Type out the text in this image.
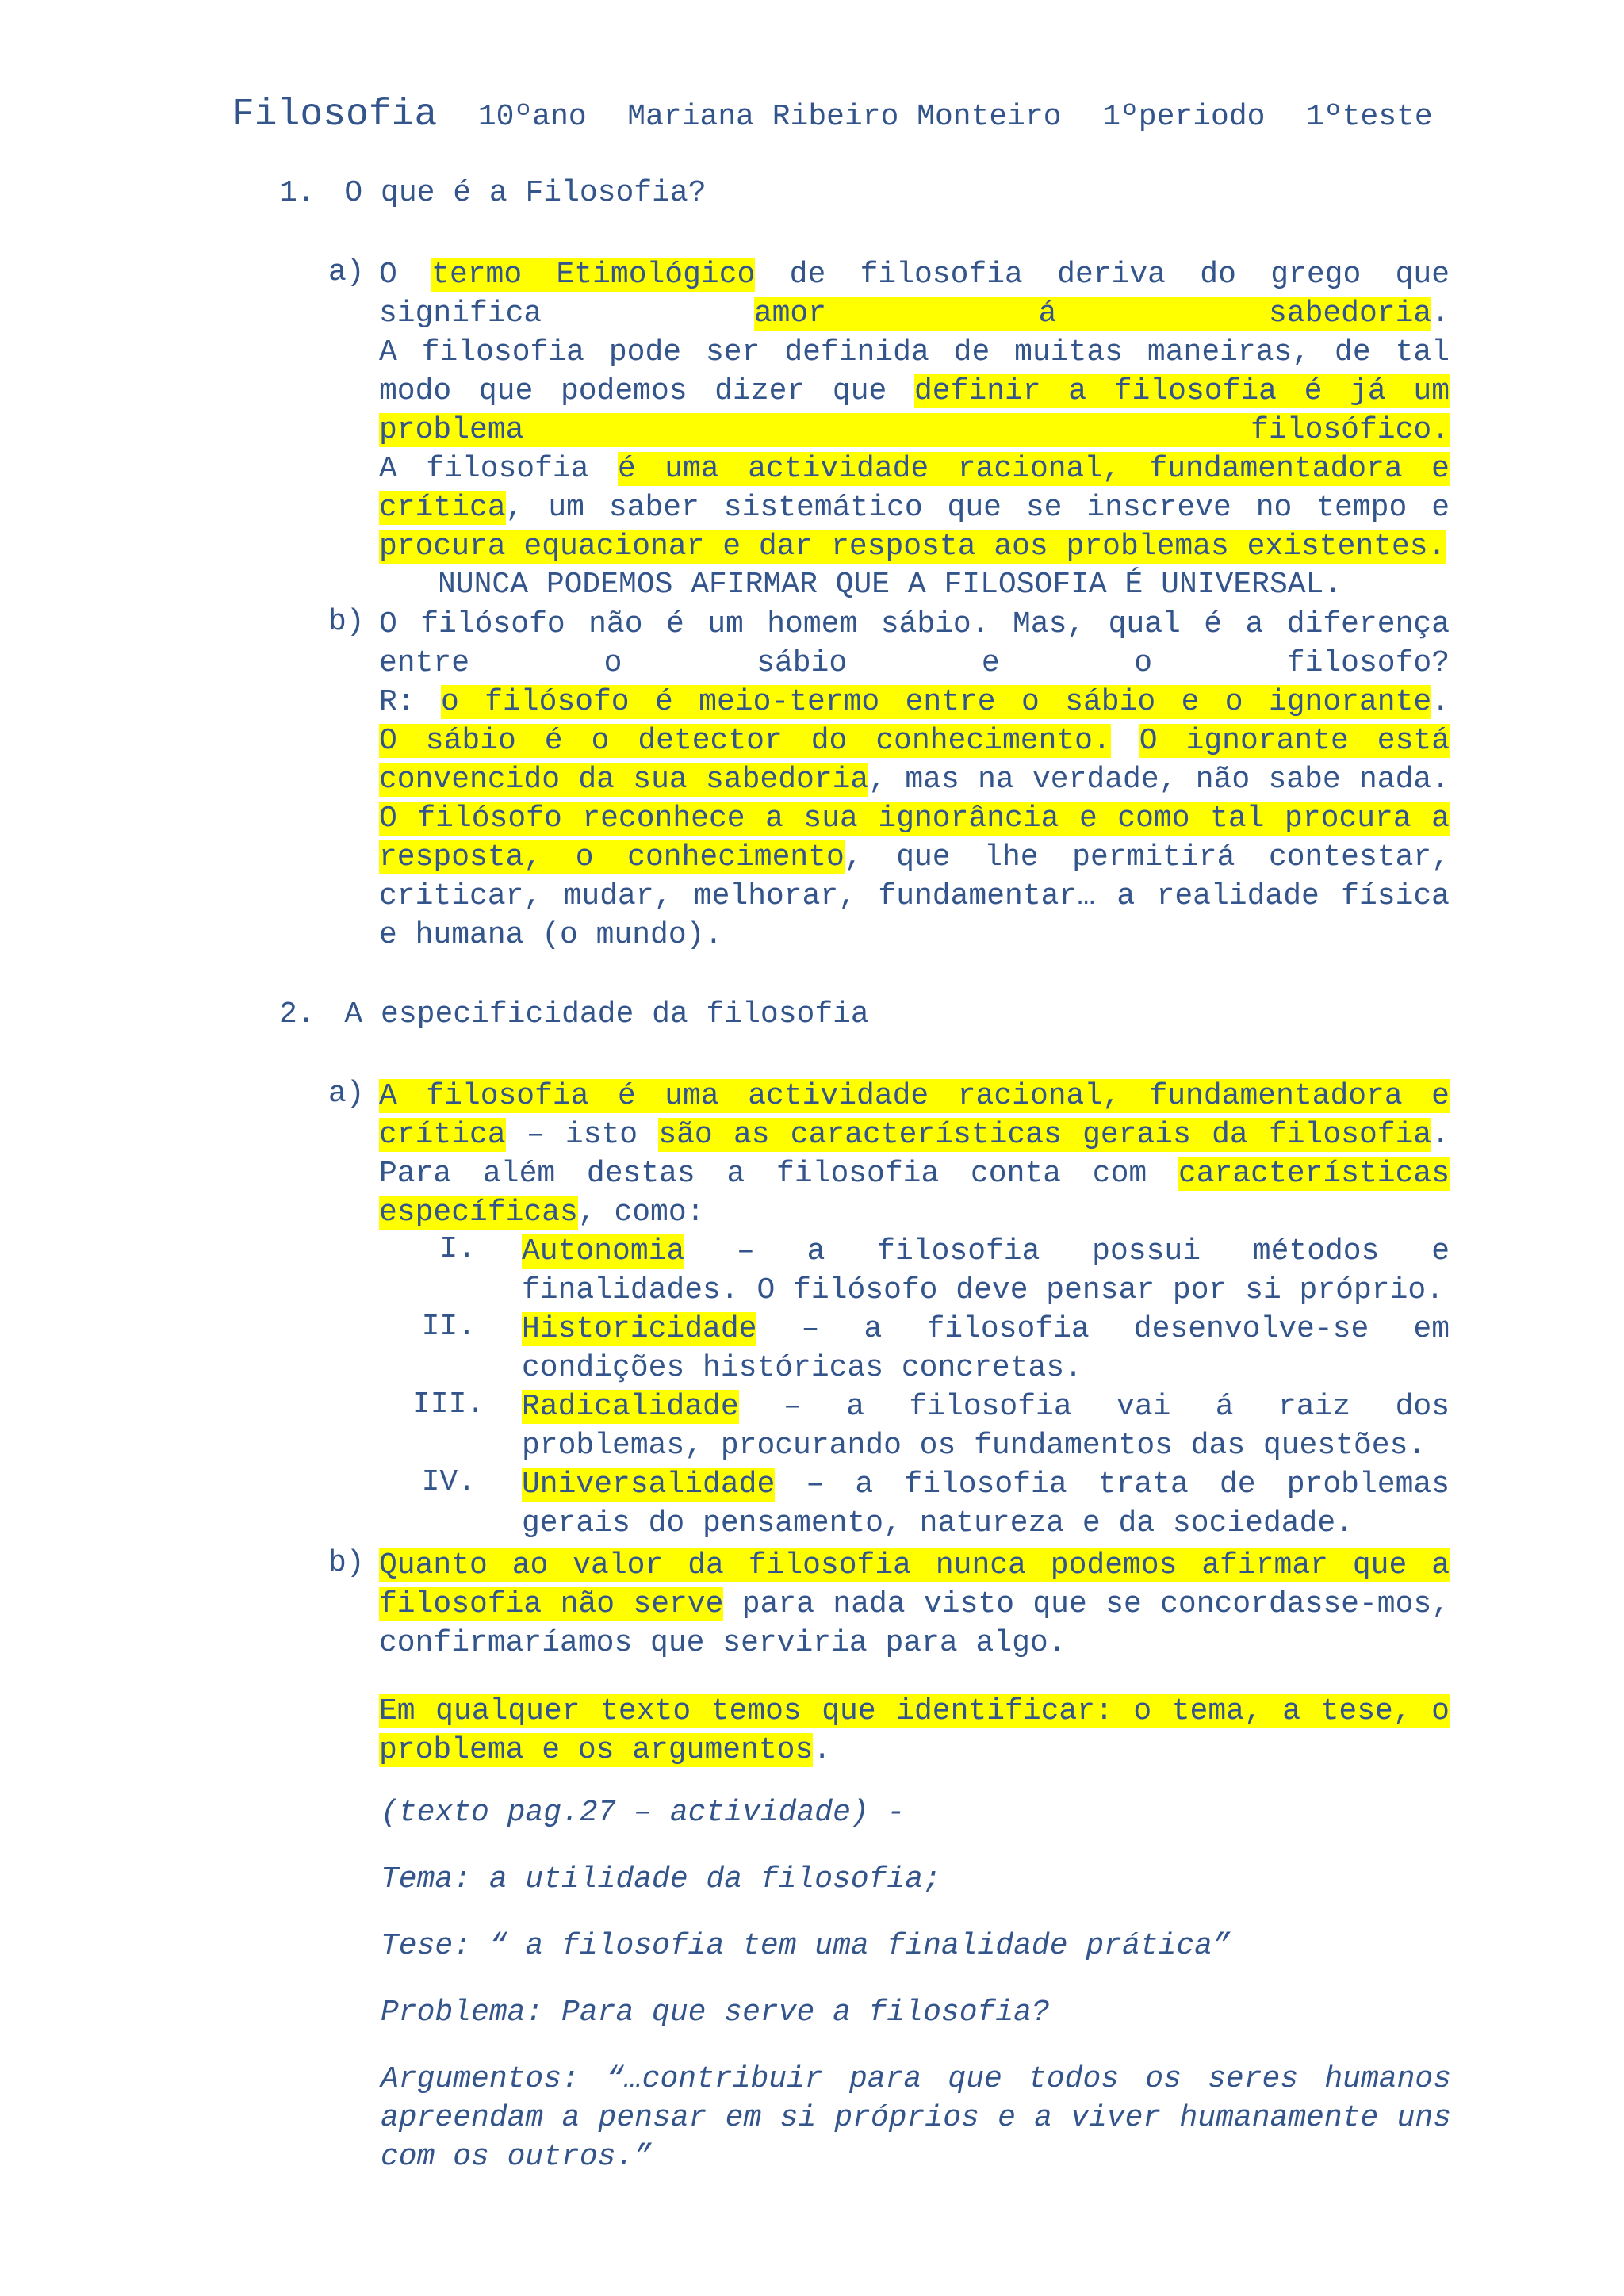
Filosofia 10ºano Mariana Ribeiro Monteiro 1ºperiodo 1ºteste
1. O que é a Filosofia?
a) O termo Etimológico de filosofia deriva do grego que
significa amor á sabedoria.
A filosofia pode ser definida de muitas maneiras, de tal
modo que podemos dizer que definir a filosofia é já um
problema filosófico.
A filosofia é uma actividade racional, fundamentadora e
crítica, um saber sistemático que se inscreve no tempo e
procura equacionar e dar resposta aos problemas existentes.
NUNCA PODEMOS AFIRMAR QUE A FILOSOFIA É UNIVERSAL.
b) O filósofo não é um homem sábio. Mas, qual é a diferença
entre o sábio e o filosofo?
R: o filósofo é meio-termo entre o sábio e o ignorante.
O sábio é o detector do conhecimento. O ignorante está
convencido da sua sabedoria, mas na verdade, não sabe nada.
O filósofo reconhece a sua ignorância e como tal procura a
resposta, o conhecimento, que lhe permitirá contestar,
criticar, mudar, melhorar, fundamentar… a realidade física
e humana (o mundo).
2. A especificidade da filosofia
a) A filosofia é uma actividade racional, fundamentadora e
crítica – isto são as características gerais da filosofia.
Para além destas a filosofia conta com características
específicas, como:
I. Autonomia – a filosofia possui métodos e
finalidades. O filósofo deve pensar por si próprio.
II. Historicidade – a filosofia desenvolve-se em
condições históricas concretas.
III. Radicalidade – a filosofia vai á raiz dos
problemas, procurando os fundamentos das questões.
IV. Universalidade – a filosofia trata de problemas
gerais do pensamento, natureza e da sociedade.
b) Quanto ao valor da filosofia nunca podemos afirmar que a
filosofia não serve para nada visto que se concordasse-mos,
confirmaríamos que serviria para algo.
Em qualquer texto temos que identificar: o tema, a tese, o
problema e os argumentos.
(texto pag.27 – actividade) -
Tema: a utilidade da filosofia;
Tese: “ a filosofia tem uma finalidade prática”
Problema: Para que serve a filosofia?
Argumentos: “…contribuir para que todos os seres humanos
apreendam a pensar em si próprios e a viver humanamente uns
com os outros.”
